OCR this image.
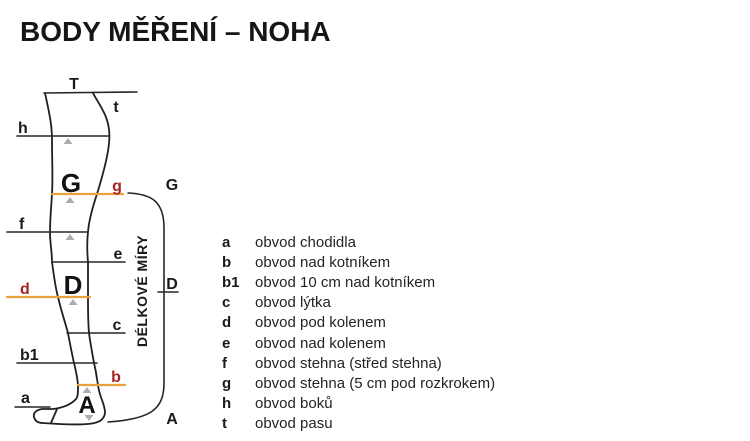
BODY MĚŘENÍ – NOHA
T
t
h
f
e
c
b1
a
g
d
b
G
D
A
G
D
A
DÉLKOVÉ MÍRY	a	obvod chodidla
b	obvod nad kotníkem
b1	obvod 10 cm nad kotníkem
c	obvod lýtka
d	obvod pod kolenem
e	obvod nad kolenem
f	obvod stehna (střed stehna)
g	obvod stehna (5 cm pod rozkrokem)
h	obvod boků
t	obvod pasu
